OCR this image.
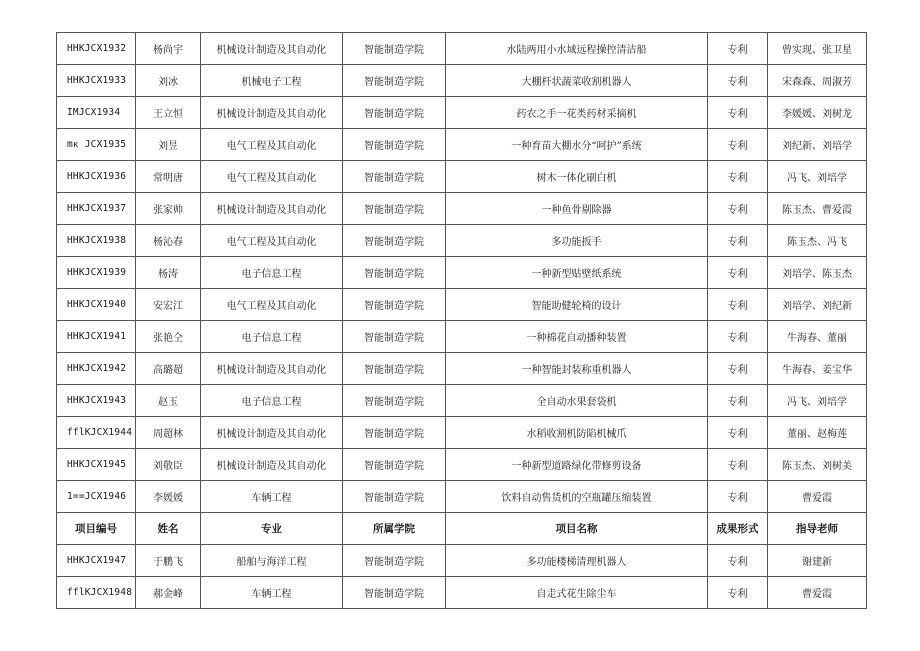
HHKJCX1932	杨尚宇	机械设计制造及其自动化	智能制造学院	水陆两用小水域远程操控清洁船	专利	曾实现、张卫星
HHKJCX1933	刘冰	机械电子工程	智能制造学院	大棚杆状蔬菜收割机器人	专利	宋森森、周淑芳
IMJCX1934	王立恒	机械设计制造及其自动化	智能制造学院	药农之手一花类药材采摘机	专利	李媛媛、刘树龙
mᴋ JCX1935	刘昱	电气工程及其自动化	智能制造学院	一种育苗大棚水分“呵护”系统	专利	刘纪新、刘培学
HHKJCX1936	常明唐	电气工程及其自动化	智能制造学院	树木一体化刷白机	专利	冯飞、刘培学
HHKJCX1937	张家帅	机械设计制造及其自动化	智能制造学院	一种鱼骨剔除器	专利	陈玉杰、曹爱霞
HHKJCX1938	杨沁春	电气工程及其自动化	智能制造学院	多功能扳手	专利	陈玉杰、冯飞
HHKJCX1939	杨涛	电子信息工程	智能制造学院	一种新型贴壁纸系统	专利	刘培学、陈玉杰
HHKJCX1940	安宏江	电气工程及其自动化	智能制造学院	智能助健轮椅的设计	专利	刘培学、刘纪新
HHKJCX1941	张艳仝	电子信息工程	智能制造学院	一种棉花自动播种装置	专利	牛海春、董丽
HHKJCX1942	高璐超	机械设计制造及其自动化	智能制造学院	一种智能封装称重机器人	专利	牛海春、姜宝华
HHKJCX1943	赵玉	电子信息工程	智能制造学院	全自动水果套袋机	专利	冯飞、刘培学
fflKJCX1944	周超林	机械设计制造及其自动化	智能制造学院	水稻收割机防陷机械爪	专利	董丽、赵梅莲
HHKJCX1945	刘敬臣	机械设计制造及其自动化	智能制造学院	一种新型道路绿化带修剪设备	专利	陈玉杰、刘树美
1==JCX1946	李媛媛	车辆工程	智能制造学院	饮料自动售货机的空瓶罐压缩装置	专利	曹爱霞
项目编号	姓名	专业	所属学院	项目名称	成果形式	指导老师
HHKJCX1947	于鹏飞	船舶与海洋工程	智能制造学院	多功能楼梯清理机器人	专利	谢建新
fflKJCX1948	郝金峰	车辆工程	智能制造学院	自走式花生除尘车	专利	曹爱霞
